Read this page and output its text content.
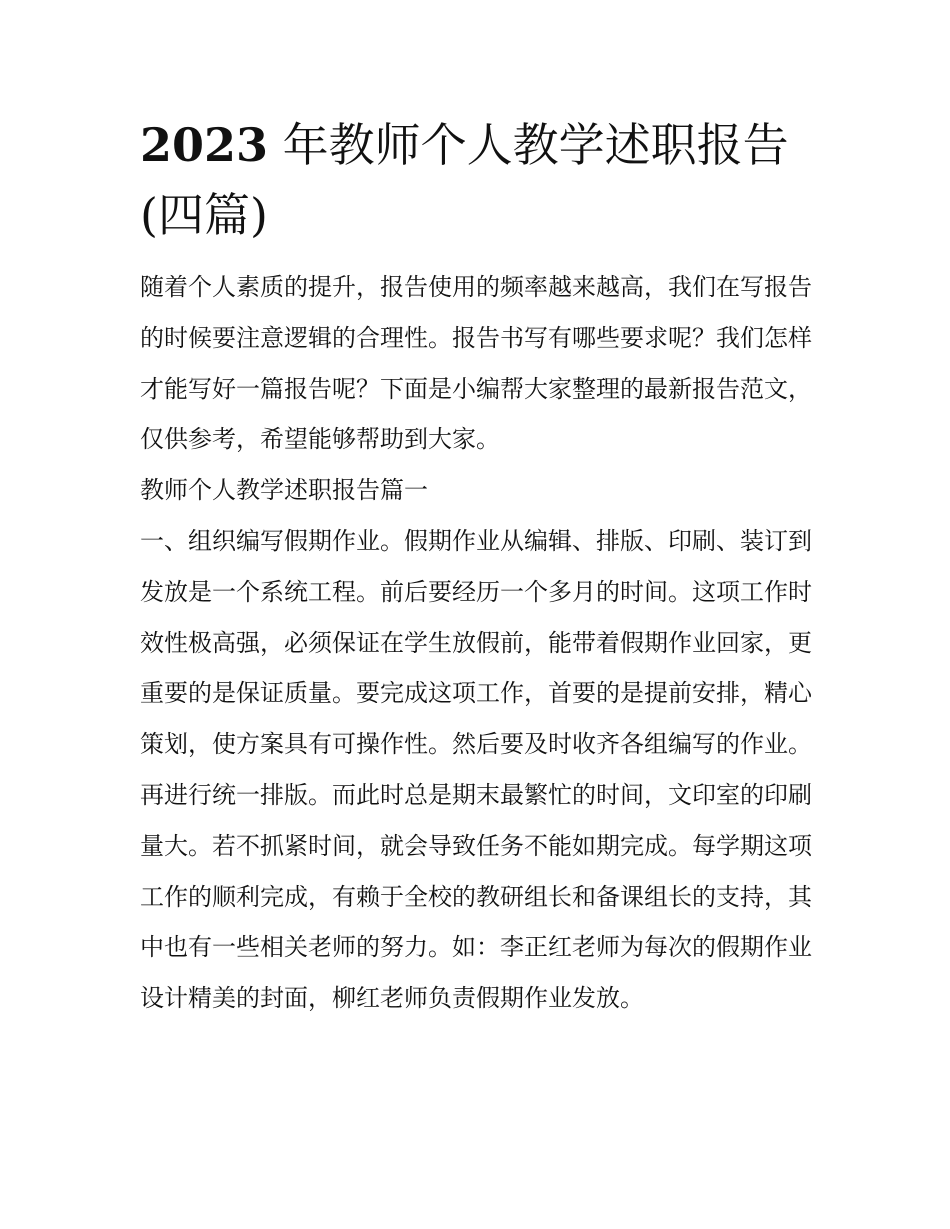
2023 年教师个人教学述职报告(四篇)

随着个人素质的提升，报告使用的频率越来越高，我们在写报告的时候要注意逻辑的合理性。报告书写有哪些要求呢？我们怎样才能写好一篇报告呢？下面是小编帮大家整理的最新报告范文，仅供参考，希望能够帮助到大家。

教师个人教学述职报告篇一

一、组织编写假期作业。假期作业从编辑、排版、印刷、装订到发放是一个系统工程。前后要经历一个多月的时间。这项工作时效性极高强，必须保证在学生放假前，能带着假期作业回家，更重要的是保证质量。要完成这项工作，首要的是提前安排，精心策划，使方案具有可操作性。然后要及时收齐各组编写的作业。再进行统一排版。而此时总是期末最繁忙的时间，文印室的印刷量大。若不抓紧时间，就会导致任务不能如期完成。每学期这项工作的顺利完成，有赖于全校的教研组长和备课组长的支持，其中也有一些相关老师的努力。如：李正红老师为每次的假期作业设计精美的封面，柳红老师负责假期作业发放。
